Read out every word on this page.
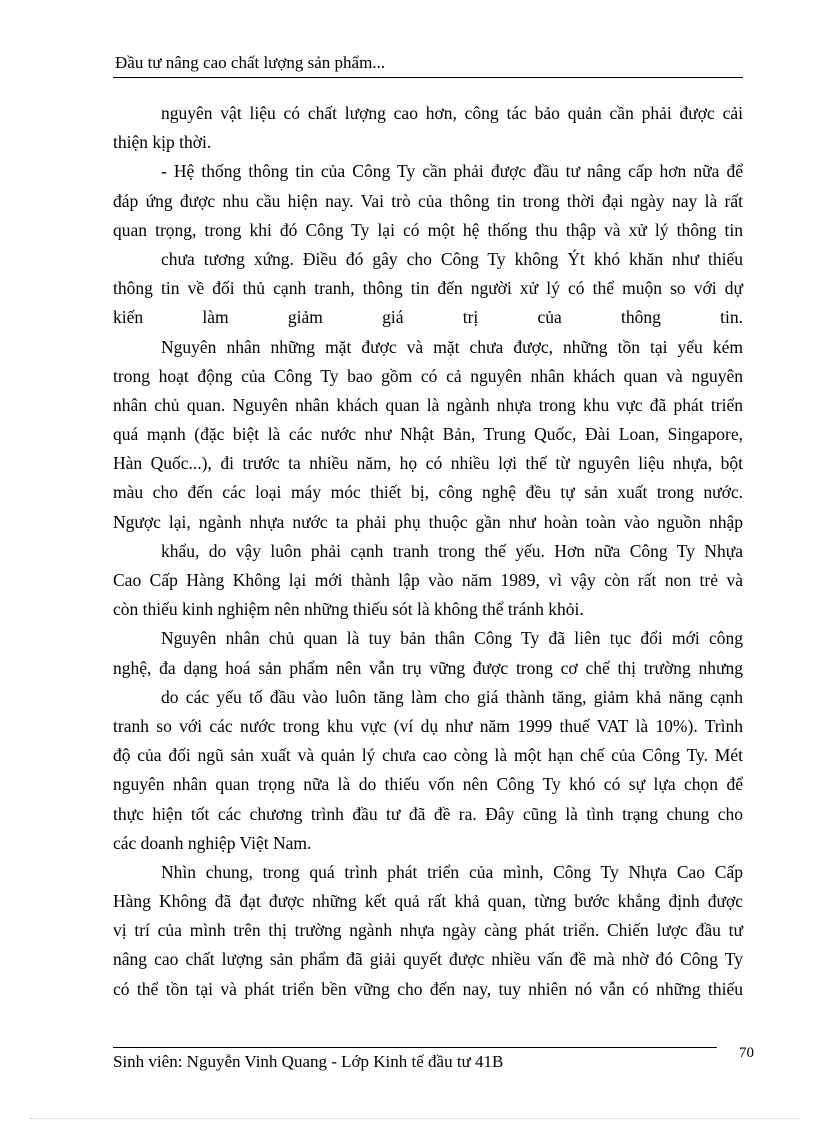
Đầu tư nâng cao chất lượng sản phẩm...
nguyên vật liệu có chất lượng cao hơn, công tác bảo quản cần phải được cải
thiện kịp thời.
- Hệ thống thông tin của Công Ty cần phải được đầu tư nâng cấp hơn nữa để
đáp ứng được nhu cầu hiện nay. Vai trò của thông tin trong thời đại ngày nay là rất
quan trọng, trong khi đó Công Ty lại có một hệ thống thu thập và xử lý thông tin
chưa tương xứng. Điều đó gây cho Công Ty không Ýt khó khăn như thiếu
thông tin về đối thủ cạnh tranh, thông tin đến người xử lý có thể muộn so với dự
kiến làm giảm giá trị của thông tin.
Nguyên nhân những mặt được và mặt chưa được, những tồn tại yếu kém
trong hoạt động của Công Ty bao gồm có cả nguyên nhân khách quan và nguyên
nhân chủ quan. Nguyên nhân khách quan là ngành nhựa trong khu vực đã phát triển
quá mạnh (đặc biệt là các nước như Nhật Bản, Trung Quốc, Đài Loan, Singapore,
Hàn Quốc...), đi trước ta nhiều năm, họ có nhiều lợi thế từ nguyên liệu nhựa, bột
màu cho đến các loại máy móc thiết bị, công nghệ đều tự sản xuất trong nước.
Ngược lại, ngành nhựa nước ta phải phụ thuộc gần như hoàn toàn vào nguồn nhập
khẩu, do vậy luôn phải cạnh tranh trong thế yếu. Hơn nữa Công Ty Nhựa
Cao Cấp Hàng Không lại mới thành lập vào năm 1989, vì vậy còn rất non trẻ và
còn thiếu kinh nghiệm nên những thiếu sót là không thể tránh khỏi.
Nguyên nhân chủ quan là tuy bản thân Công Ty đã liên tục đổi mới công
nghệ, đa dạng hoá sản phẩm nên vẫn trụ vững được trong cơ chế thị trường nhưng
do các yếu tố đầu vào luôn tăng làm cho giá thành tăng, giảm khả năng cạnh
tranh so với các nước trong khu vực (ví dụ như năm 1999 thuế VAT là 10%). Trình
độ của đối ngũ sản xuất và quản lý chưa cao còng là một hạn chế của Công Ty. Mét
nguyên nhân quan trọng nữa là do thiếu vốn nên Công Ty khó có sự lựa chọn để
thực hiện tốt các chương trình đầu tư đã đề ra. Đây cũng là tình trạng chung cho
các doanh nghiệp Việt Nam.
Nhìn chung, trong quá trình phát triển của mình, Công Ty Nhựa Cao Cấp
Hàng Không đã đạt được những kết quả rất khả quan, từng bước khẳng định được
vị trí của mình trên thị trường ngành nhựa ngày càng phát triển. Chiến lược đầu tư
nâng cao chất lượng sản phẩm đã giải quyết được nhiều vấn đề mà nhờ đó Công Ty
có thể tồn tại và phát triển bền vững cho đến nay, tuy nhiên nó vẫn có những thiếu
Sinh viên: Nguyễn Vinh Quang - Lớp Kinh tế đầu tư 41B	70
